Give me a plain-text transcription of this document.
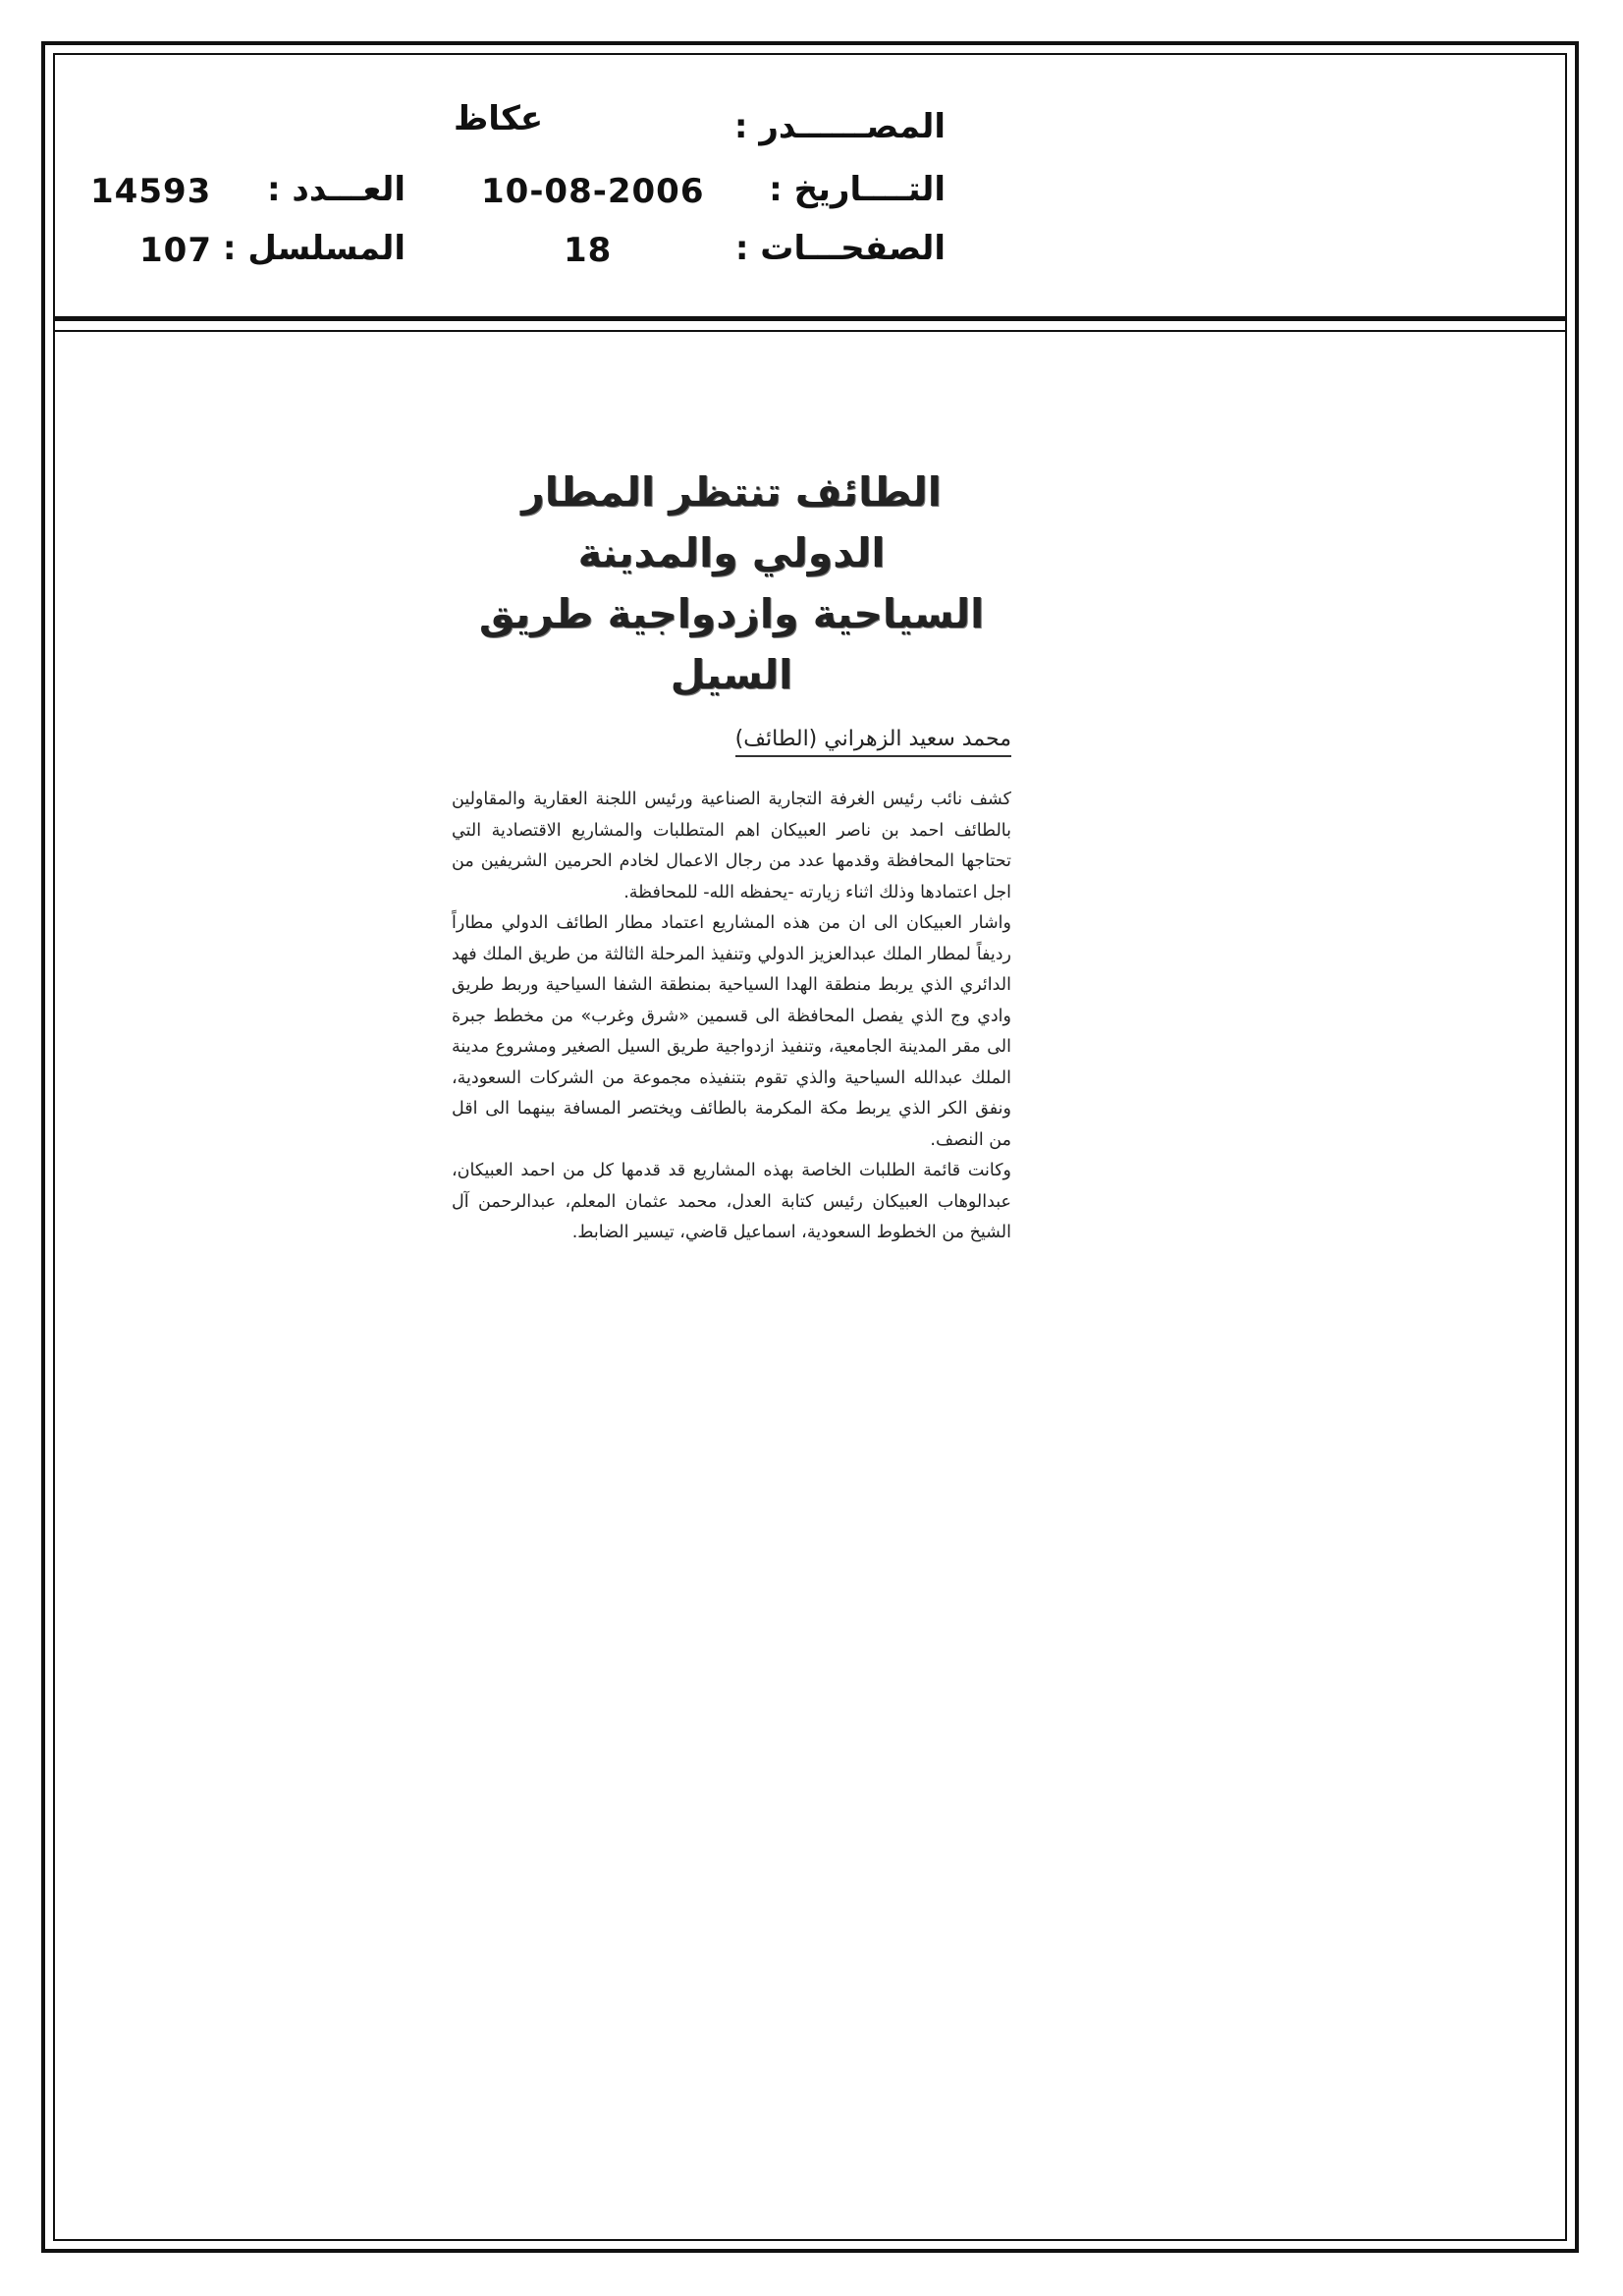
المصــــــدر :
عكاظ
التــــاريخ :
10-08-2006
الصفحـــات :
18
العـــدد :
14593
المسلسل :
107
الطائف تنتظر المطار الدولي والمدينة
السياحية وازدواجية طريق السيل
محمد سعيد الزهراني (الطائف)

كشف نائب رئيس الغرفة التجارية الصناعية ورئيس اللجنة العقارية والمقاولين بالطائف احمد بن ناصر العبيكان اهم المتطلبات والمشاريع الاقتصادية التي تحتاجها المحافظة وقدمها عدد من رجال الاعمال لخادم الحرمين الشريفين من اجل اعتمادها وذلك اثناء زيارته -يحفظه الله- للمحافظة.

واشار العبيكان الى ان من هذه المشاريع اعتماد مطار الطائف الدولي مطاراً رديفاً لمطار الملك عبدالعزيز الدولي وتنفيذ المرحلة الثالثة من طريق الملك فهد الدائري الذي يربط منطقة الهدا السياحية بمنطقة الشفا السياحية وربط طريق وادي وج الذي يفصل المحافظة الى قسمين «شرق وغرب» من مخطط جبرة الى مقر المدينة الجامعية، وتنفيذ ازدواجية طريق السيل الصغير ومشروع مدينة الملك عبدالله السياحية والذي تقوم بتنفيذه مجموعة من الشركات السعودية، ونفق الكر الذي يربط مكة المكرمة بالطائف ويختصر المسافة بينهما الى اقل من النصف.

وكانت قائمة الطلبات الخاصة بهذه المشاريع قد قدمها كل من احمد العبيكان، عبدالوهاب العبيكان رئيس كتابة العدل، محمد عثمان المعلم، عبدالرحمن آل الشيخ من الخطوط السعودية، اسماعيل قاضي، تيسير الضابط.
